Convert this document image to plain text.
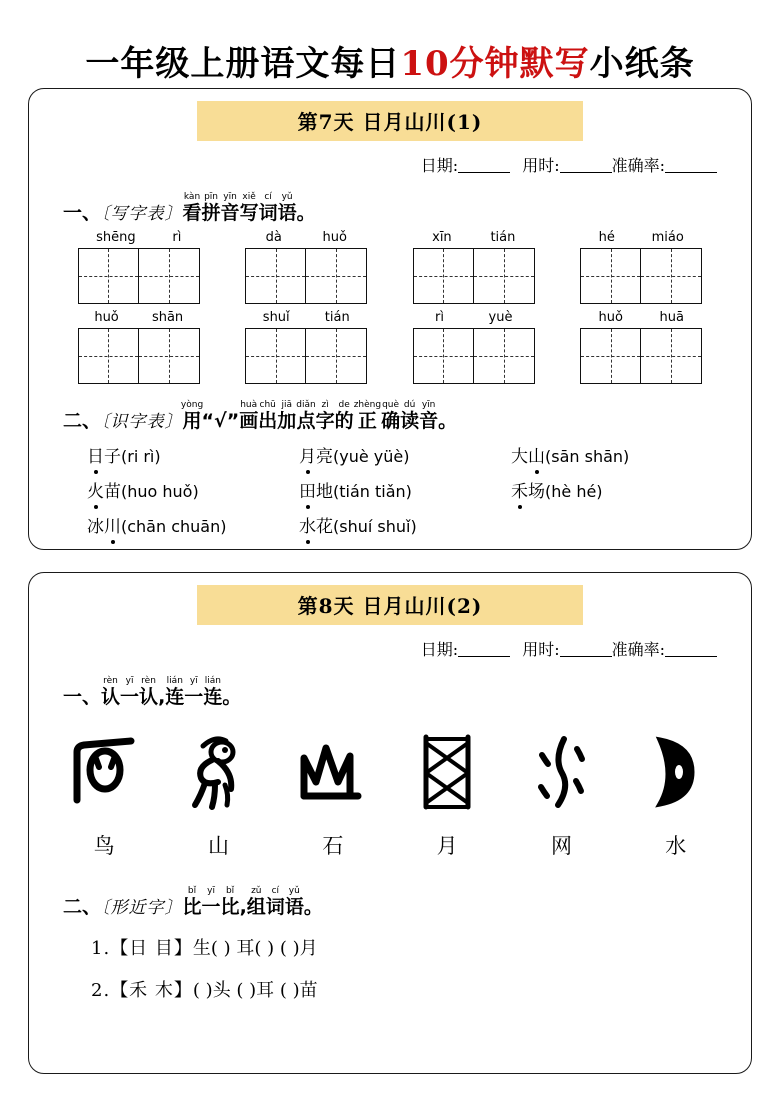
一年级上册语文每日10分钟默写小纸条
第7天 日月山川(1)
日期:	用时:	准确率:
一、〔写字表〕看kàn拼pīn音yīn写xiě词cí语yǔ。
shēng	rì	dà	huǒ	xīn	tián	hé	miáo
huǒ	shān	shuǐ	tián	rì	yuè	huǒ	huā
二、〔识字表〕用yòng“√”画huà出chū加jiā点diǎn字zì的de正zhèng确què读dú音yīn。
日子(ri rì)	月亮(yuè yüè)	大山(sān shān)
火苗(huo huǒ)	田地(tián tiǎn)	禾场(hè hé)
冰川(chān chuān)	水花(shuí shuǐ)
第8天 日月山川(2)
日期:	用时:	准确率:
一、认rèn一yī认rèn,连lián一yī连lián。
鸟	山	石	月	网	水
二、〔形近字〕比bǐ一yī比bǐ,组zǔ词cí语yǔ。
1.【日 目】生( ) 耳( ) ( )月
2.【禾 木】( )头 ( )耳 ( )苗
